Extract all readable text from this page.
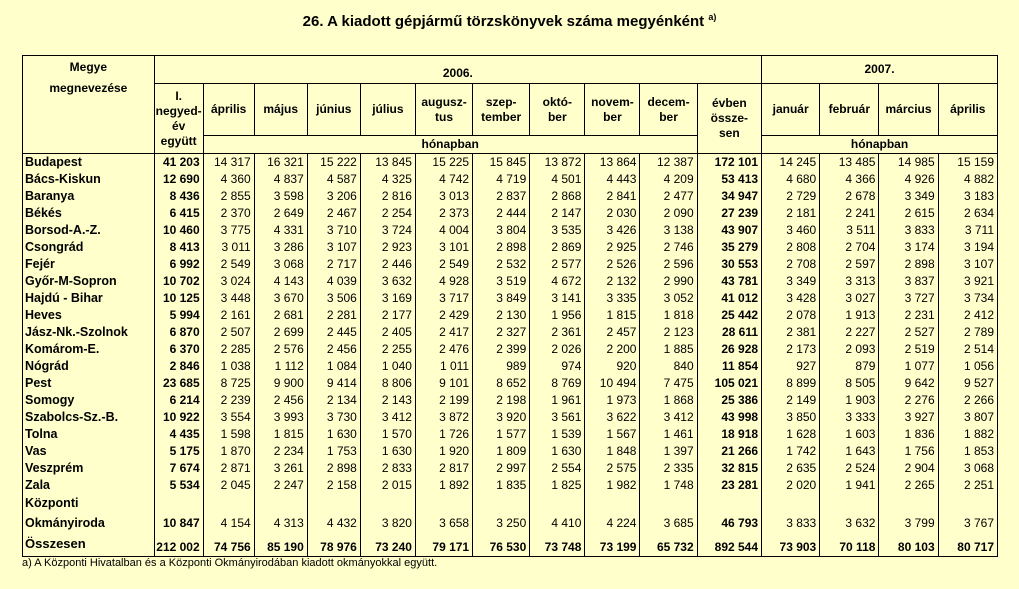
26. A kiadott gépjármű törzskönyvek száma megyénként $^{a)}$
Megye
megnevezése	2006.											2007.			

	I.
negyed-
év
együtt	április	május	június	július	augusz-
tus	szep-
tember	októ-
ber	novem-
ber	decem-
ber	évben
össze-
sen	január	február	március	április
		hónapban										hónapban			
Budapest	41 203	14 317	16 321	15 222	13 845	15 225	15 845	13 872	13 864	12 387	172 101	14 245	13 485	14 985	15 159
Bács-Kiskun	12 690	4 360	4 837	4 587	4 325	4 742	4 719	4 501	4 443	4 209	53 413	4 680	4 366	4 926	4 882
Baranya	8 436	2 855	3 598	3 206	2 816	3 013	2 837	2 868	2 841	2 477	34 947	2 729	2 678	3 349	3 183
Békés	6 415	2 370	2 649	2 467	2 254	2 373	2 444	2 147	2 030	2 090	27 239	2 181	2 241	2 615	2 634
Borsod-A.-Z.	10 460	3 775	4 331	3 710	3 724	4 004	3 804	3 535	3 426	3 138	43 907	3 460	3 511	3 833	3 711
Csongrád	8 413	3 011	3 286	3 107	2 923	3 101	2 898	2 869	2 925	2 746	35 279	2 808	2 704	3 174	3 194
Fejér	6 992	2 549	3 068	2 717	2 446	2 549	2 532	2 577	2 526	2 596	30 553	2 708	2 597	2 898	3 107
Győr-M-Sopron	10 702	3 024	4 143	4 039	3 632	4 928	3 519	4 672	2 132	2 990	43 781	3 349	3 313	3 837	3 921
Hajdú - Bihar	10 125	3 448	3 670	3 506	3 169	3 717	3 849	3 141	3 335	3 052	41 012	3 428	3 027	3 727	3 734
Heves	5 994	2 161	2 681	2 281	2 177	2 429	2 130	1 956	1 815	1 818	25 442	2 078	1 913	2 231	2 412
Jász-Nk.-Szolnok	6 870	2 507	2 699	2 445	2 405	2 417	2 327	2 361	2 457	2 123	28 611	2 381	2 227	2 527	2 789
Komárom-E.	6 370	2 285	2 576	2 456	2 255	2 476	2 399	2 026	2 200	1 885	26 928	2 173	2 093	2 519	2 514
Nógrád	2 846	1 038	1 112	1 084	1 040	1 011	989	974	920	840	11 854	927	879	1 077	1 056
Pest	23 685	8 725	9 900	9 414	8 806	9 101	8 652	8 769	10 494	7 475	105 021	8 899	8 505	9 642	9 527
Somogy	6 214	2 239	2 456	2 134	2 143	2 199	2 198	1 961	1 973	1 868	25 386	2 149	1 903	2 276	2 266
Szabolcs-Sz.-B.	10 922	3 554	3 993	3 730	3 412	3 872	3 920	3 561	3 622	3 412	43 998	3 850	3 333	3 927	3 807
Tolna	4 435	1 598	1 815	1 630	1 570	1 726	1 577	1 539	1 567	1 461	18 918	1 628	1 603	1 836	1 882
Vas	5 175	1 870	2 234	1 753	1 630	1 920	1 809	1 630	1 848	1 397	21 266	1 742	1 643	1 756	1 853
Veszprém	7 674	2 871	3 261	2 898	2 833	2 817	2 997	2 554	2 575	2 335	32 815	2 635	2 524	2 904	3 068
Zala	5 534	2 045	2 247	2 158	2 015	1 892	1 835	1 825	1 982	1 748	23 281	2 020	1 941	2 265	2 251

Központi
Okmányiroda	10 847	4 154	4 313	4 432	3 820	3 658	3 250	4 410	4 224	3 685	46 793	3 833	3 632	3 799	3 767
Összesen	212 002	74 756	85 190	78 976	73 240	79 171	76 530	73 748	73 199	65 732	892 544	73 903	70 118	80 103	80 717
a) A Központi Hivatalban és a Központi Okmányirodában kiadott okmányokkal együtt.
